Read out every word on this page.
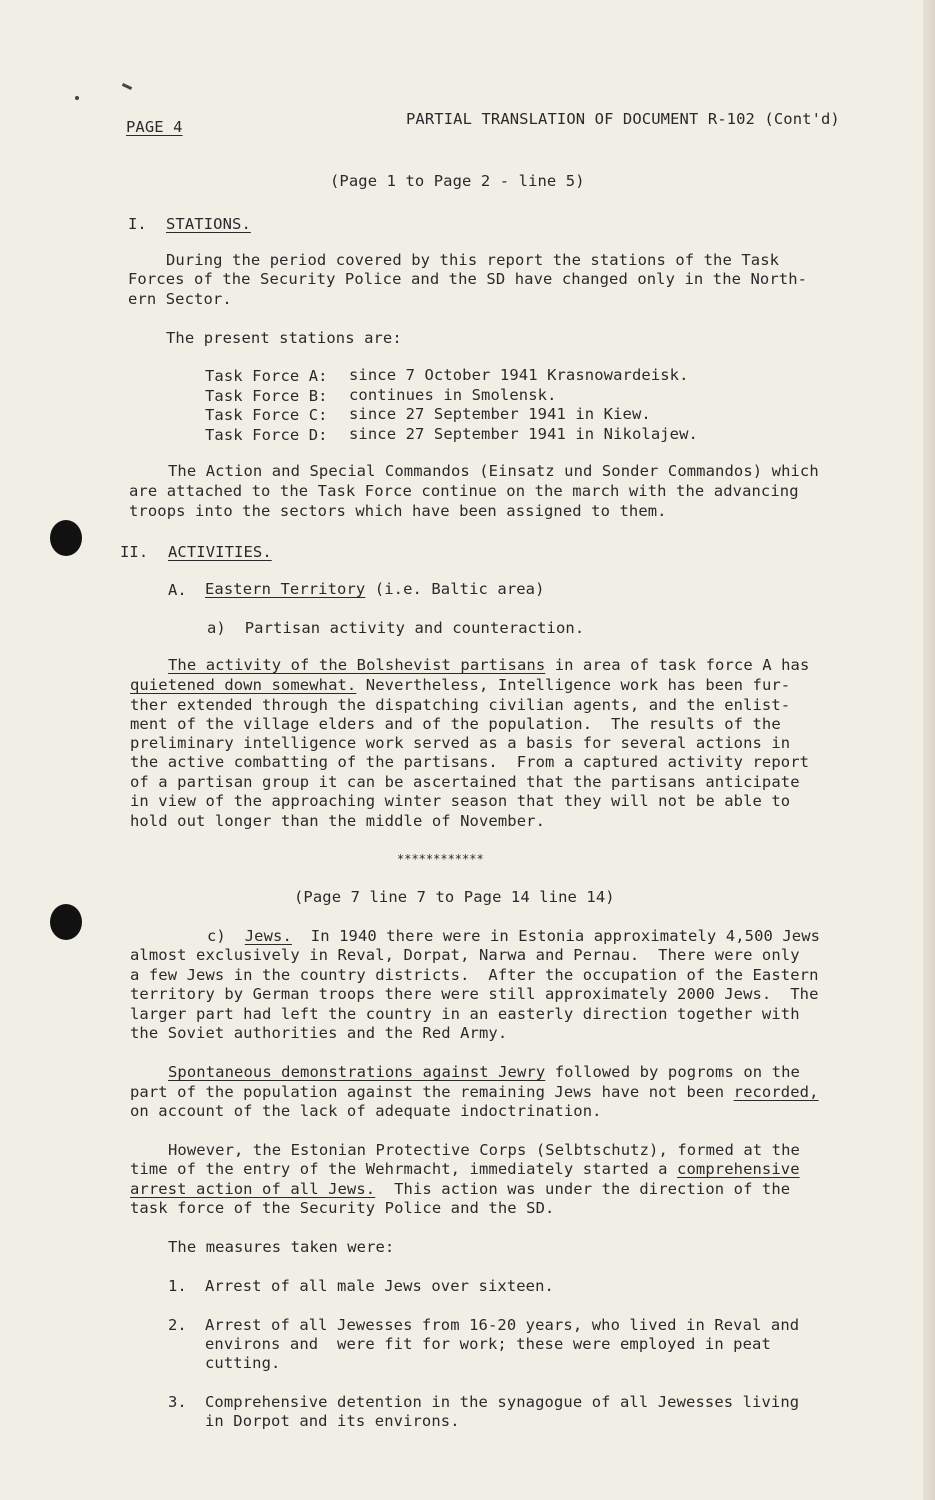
PAGE 4	PARTIAL TRANSLATION OF DOCUMENT R-102 (Cont'd)
(Page 1 to Page 2 - line 5)
I. STATIONS.
During the period covered by this report the stations of the Task
Forces of the Security Police and the SD have changed only in the North-
ern Sector.
The present stations are:
Task Force A: since 7 October 1941 Krasnowardeisk.
Task Force B: continues in Smolensk.
Task Force C: since 27 September 1941 in Kiew.
Task Force D: since 27 September 1941 in Nikolajew.
The Action and Special Commandos (Einsatz und Sonder Commandos) which
are attached to the Task Force continue on the march with the advancing
troops into the sectors which have been assigned to them.
II. ACTIVITIES.
A. Eastern Territory (i.e. Baltic area)
a)  Partisan activity and counteraction.
The activity of the Bolshevist partisans in area of task force A has
quietened down somewhat. Nevertheless, Intelligence work has been fur-
ther extended through the dispatching civilian agents, and the enlist-
ment of the village elders and of the population.  The results of the
preliminary intelligence work served as a basis for several actions in
the active combatting of the partisans.  From a captured activity report
of a partisan group it can be ascertained that the partisans anticipate
in view of the approaching winter season that they will not be able to
hold out longer than the middle of November.
************
(Page 7 line 7 to Page 14 line 14)
c) Jews.  In 1940 there were in Estonia approximately 4,500 Jews
almost exclusively in Reval, Dorpat, Narwa and Pernau.  There were only
a few Jews in the country districts.  After the occupation of the Eastern
territory by German troops there were still approximately 2000 Jews.  The
larger part had left the country in an easterly direction together with
the Soviet authorities and the Red Army.
Spontaneous demonstrations against Jewry followed by pogroms on the
part of the population against the remaining Jews have not been recorded,
on account of the lack of adequate indoctrination.
However, the Estonian Protective Corps (Selbtschutz), formed at the
time of the entry of the Wehrmacht, immediately started a comprehensive
arrest action of all Jews.  This action was under the direction of the
task force of the Security Police and the SD.
The measures taken were:
1. Arrest of all male Jews over sixteen.
2. Arrest of all Jewesses from 16-20 years, who lived in Reval and
environs and  were fit for work; these were employed in peat
cutting.
3. Comprehensive detention in the synagogue of all Jewesses living
in Dorpot and its environs.
